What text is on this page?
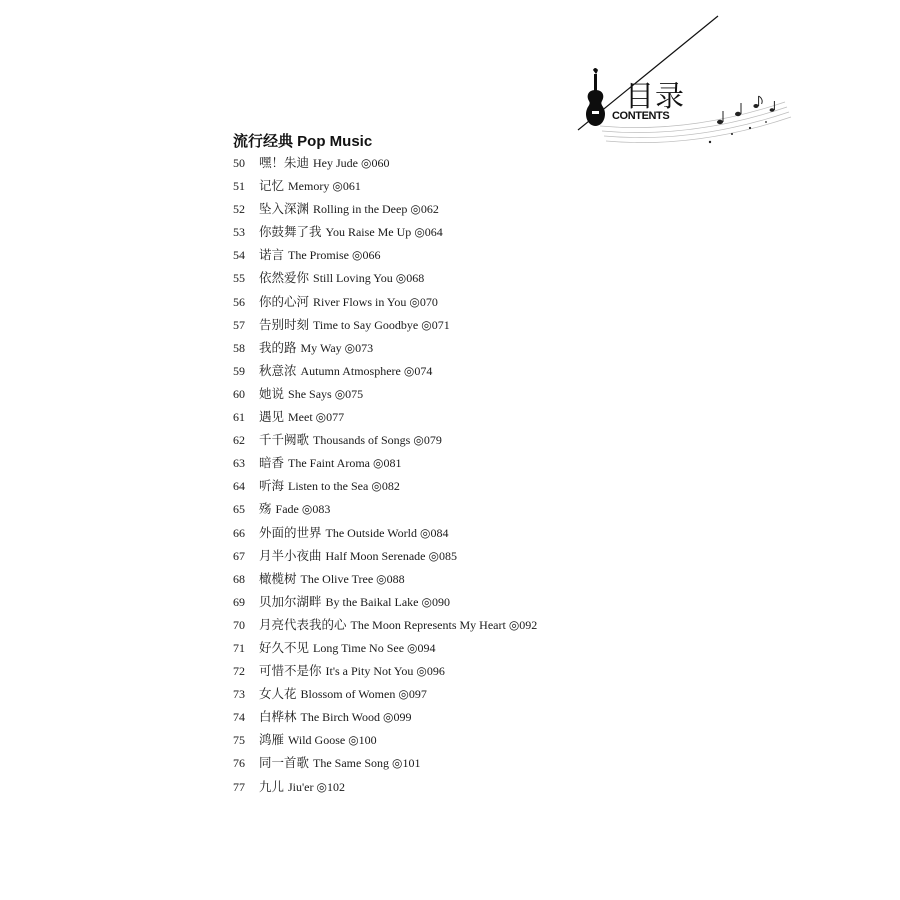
目录
CONTENTS
流行经典 Pop Music
50 嘿！朱迪 Hey Jude ◎060
51 记忆 Memory ◎061
52 坠入深渊 Rolling in the Deep ◎062
53 你鼓舞了我 You Raise Me Up ◎064
54 诺言 The Promise ◎066
55 依然爱你 Still Loving You ◎068
56 你的心河 River Flows in You ◎070
57 告别时刻 Time to Say Goodbye ◎071
58 我的路 My Way ◎073
59 秋意浓 Autumn Atmosphere ◎074
60 她说 She Says ◎075
61 遇见 Meet ◎077
62 千千阙歌 Thousands of Songs ◎079
63 暗香 The Faint Aroma ◎081
64 听海 Listen to the Sea ◎082
65 殇 Fade ◎083
66 外面的世界 The Outside World ◎084
67 月半小夜曲 Half Moon Serenade ◎085
68 橄榄树 The Olive Tree ◎088
69 贝加尔湖畔 By the Baikal Lake ◎090
70 月亮代表我的心 The Moon Represents My Heart ◎092
71 好久不见 Long Time No See ◎094
72 可惜不是你 It's a Pity Not You ◎096
73 女人花 Blossom of Women ◎097
74 白桦林 The Birch Wood ◎099
75 鸿雁 Wild Goose ◎100
76 同一首歌 The Same Song ◎101
77 九儿 Jiu'er ◎102
